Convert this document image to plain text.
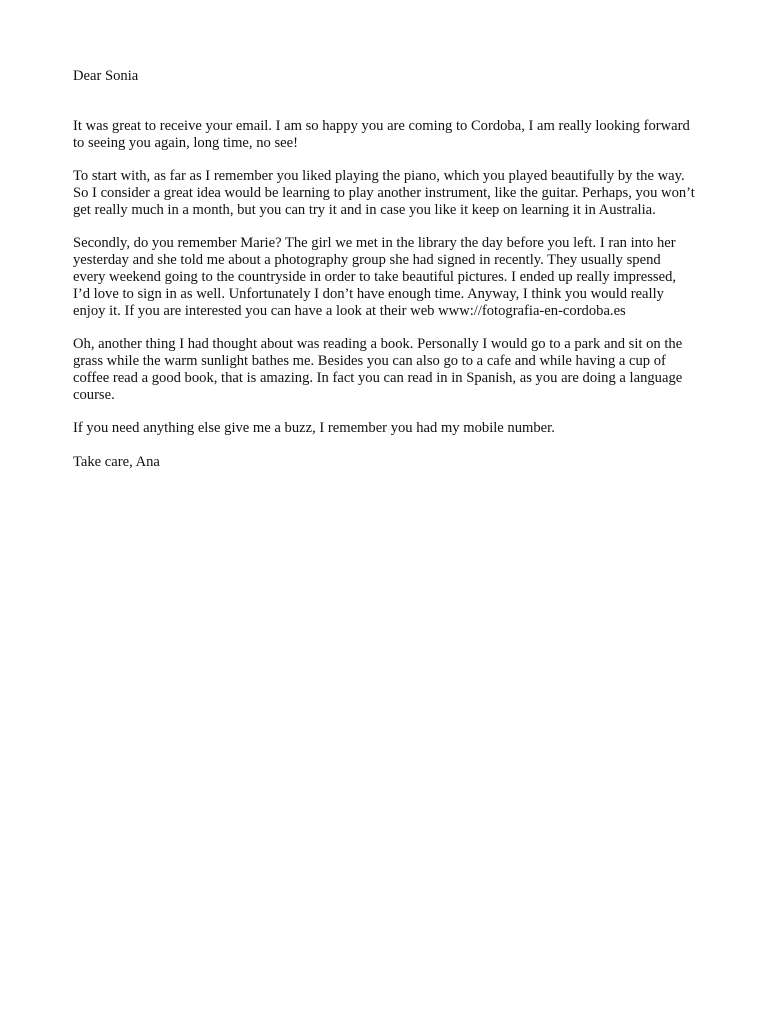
Dear Sonia

It was great to receive your email. I am so happy you are coming to Cordoba, I am really looking forward to seeing you again, long time, no see!

To start with, as far as I remember you liked playing the piano, which you played beautifully by the way. So I consider a great idea would be learning to play another instrument, like the guitar. Perhaps, you won’t get really much in a month, but you can try it and in case you like it keep on learning it in Australia.

Secondly, do you remember Marie? The girl we met in the library the day before you left. I ran into her yesterday and she told me about a photography group she had signed in recently. They usually spend every weekend going to the countryside in order to take beautiful pictures. I ended up really impressed, I’d love to sign in as well. Unfortunately I don’t have enough time. Anyway, I think you would really enjoy it. If you are interested you can have a look at their web www://fotografia-en-cordoba.es

Oh, another thing I had thought about was reading a book. Personally I would go to a park and sit on the grass while the warm sunlight bathes me. Besides you can also go to a cafe and while having a cup of coffee read a good book, that is amazing. In fact you can read in in Spanish, as you are doing a language course.

If you need anything else give me a buzz, I remember you had my mobile number.

Take care, Ana
